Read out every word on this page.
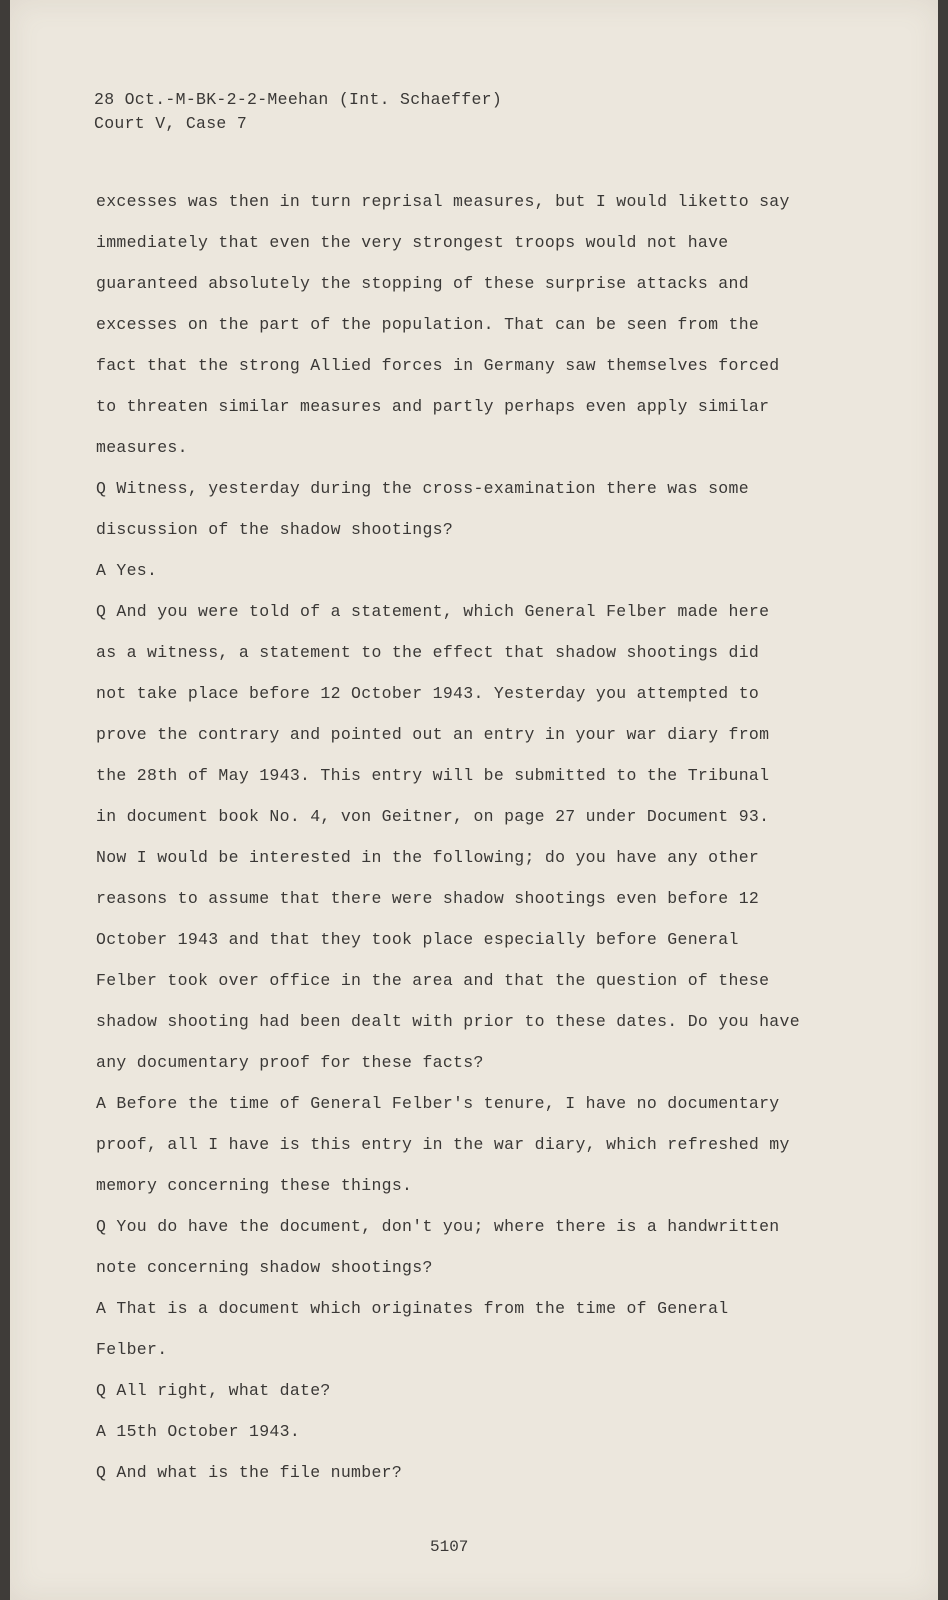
28 Oct.-M-BK-2-2-Meehan (Int. Schaeffer)
Court V, Case 7
excesses was then in turn reprisal measures, but I would liketto say
immediately that even the very strongest troops would not have
guaranteed absolutely the stopping of these surprise attacks and
excesses on the part of the population. That can be seen from the
fact that the strong Allied forces in Germany saw themselves forced
to threaten similar measures and partly perhaps even apply similar
measures.
Q Witness, yesterday during the cross-examination there was some
discussion of the shadow shootings?
A Yes.
Q And you were told of a statement, which General Felber made here
as a witness, a statement to the effect that shadow shootings did
not take place before 12 October 1943. Yesterday you attempted to
prove the contrary and pointed out an entry in your war diary from
the 28th of May 1943. This entry will be submitted to the Tribunal
in document book No. 4, von Geitner, on page 27 under Document 93.
Now I would be interested in the following; do you have any other
reasons to assume that there were shadow shootings even before 12
October 1943 and that they took place especially before General
Felber took over office in the area and that the question of these
shadow shooting had been dealt with prior to these dates. Do you have
any documentary proof for these facts?
A Before the time of General Felber's tenure, I have no documentary
proof, all I have is this entry in the war diary, which refreshed my
memory concerning these things.
Q You do have the document, don't you; where there is a handwritten
note concerning shadow shootings?
A That is a document which originates from the time of General
Felber.
Q All right, what date?
A 15th October 1943.
Q And what is the file number?
5107
